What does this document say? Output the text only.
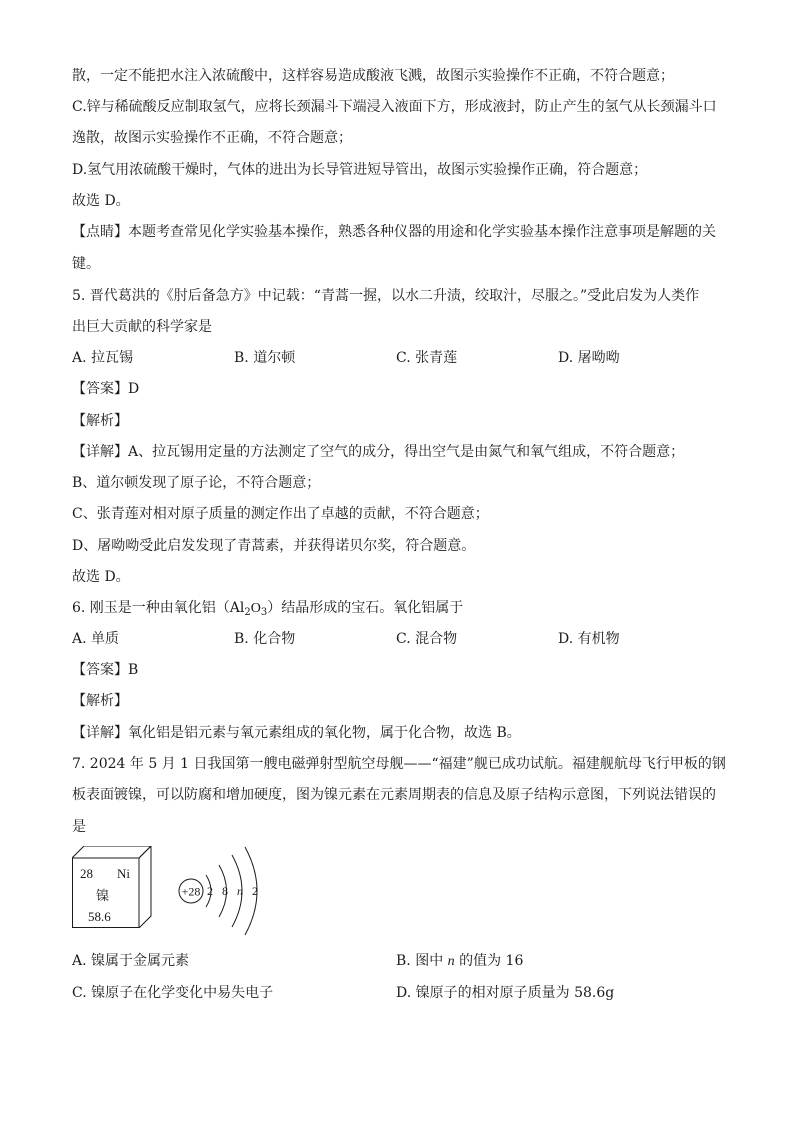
散，一定不能把水注入浓硫酸中，这样容易造成酸液飞溅，故图示实验操作不正确，不符合题意；
C.锌与稀硫酸反应制取氢气，应将长颈漏斗下端浸入液面下方，形成液封，防止产生的氢气从长颈漏斗口
逸散，故图示实验操作不正确，不符合题意；
D.氢气用浓硫酸干燥时，气体的进出为长导管进短导管出，故图示实验操作正确，符合题意；
故选 D。
【点睛】本题考查常见化学实验基本操作，熟悉各种仪器的用途和化学实验基本操作注意事项是解题的关
键。
5. 晋代葛洪的《肘后备急方》中记载：“青蒿一握，以水二升渍，绞取汁，尽服之。”受此启发为人类作
出巨大贡献的科学家是
A. 拉瓦锡	B. 道尔顿	C. 张青莲	D. 屠呦呦
【答案】D
【解析】
【详解】A、拉瓦锡用定量的方法测定了空气的成分，得出空气是由氮气和氧气组成，不符合题意；
B、道尔顿发现了原子论，不符合题意；
C、张青莲对相对原子质量的测定作出了卓越的贡献，不符合题意；
D、屠呦呦受此启发发现了青蒿素，并获得诺贝尔奖，符合题意。
故选 D。
6. 刚玉是一种由氧化铝$(Al_2O_3)$结晶形成的宝石。氧化铝属于
A. 单质	B. 化合物	C. 混合物	D. 有机物
【答案】B
【解析】
【详解】氧化铝是铝元素与氧元素组成的氧化物，属于化合物，故选 B。
7. 2024 年 5 月 1 日我国第一艘电磁弹射型航空母舰——“福建”舰已成功试航。福建舰航母飞行甲板的钢
板表面镀镍，可以防腐和增加硬度，图为镍元素在元素周期表的信息及原子结构示意图，下列说法错误的
是
28 Ni
镍
58.6
+28 2 8 n 2
A. 镍属于金属元素	B. 图中 n 的值为 16
C. 镍原子在化学变化中易失电子	D. 镍原子的相对原子质量为 58.6g
